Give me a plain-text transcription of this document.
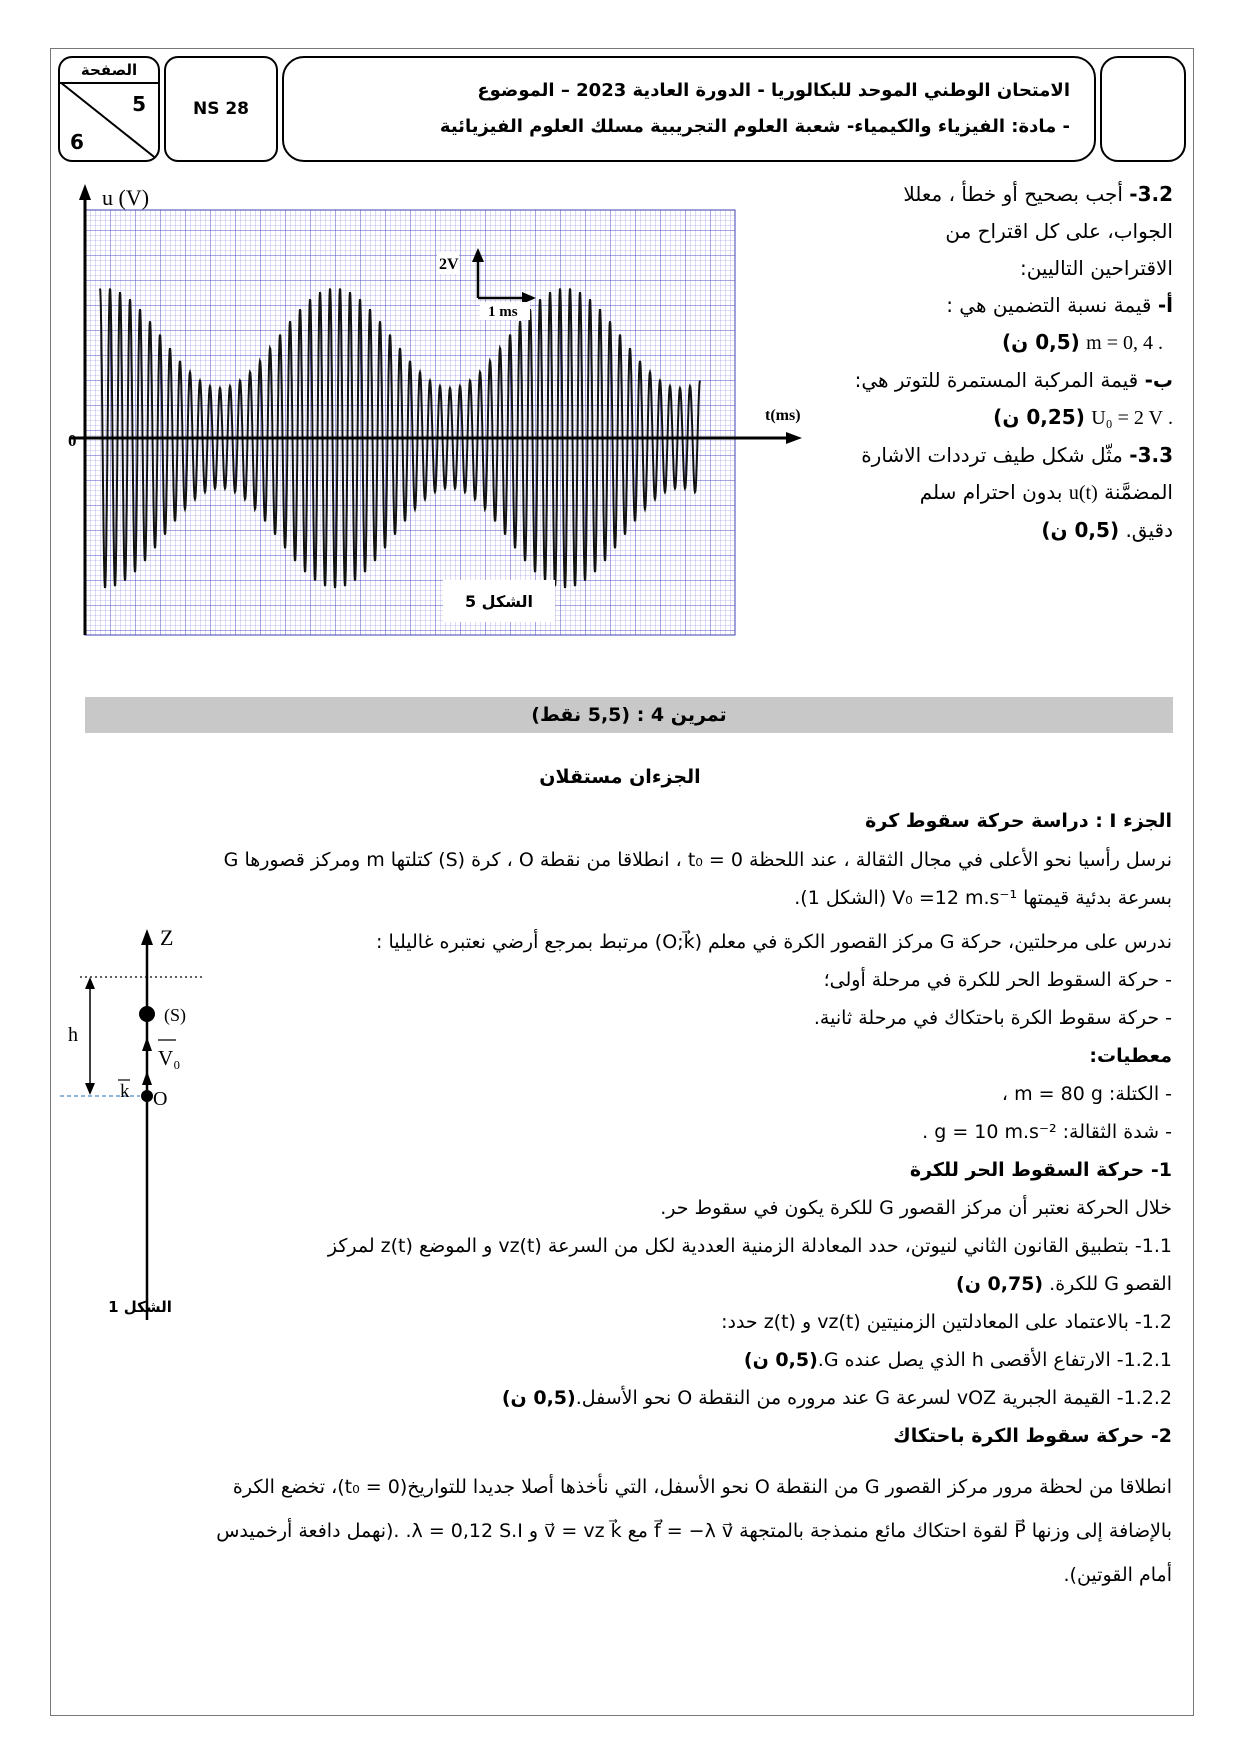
الصفحة
5
6
NS 28
الامتحان الوطني الموحد للبكالوريا - الدورة العادية 2023 – الموضوع
- مادة: الفيزياء والكيمياء- شعبة العلوم التجريبية مسلك العلوم الفيزيائية
u (V)
t(ms)
0
2V
1 ms
الشكل 5
3.2- أجب بصحيح أو خطأ ، معللا
الجواب، على كل اقتراح من
الاقتراحين التاليين:
أ- قيمة نسبة التضمين هي :
. m = 0, 4 (0,5 ن)
ب- قيمة المركبة المستمرة للتوتر هي:
. U₀ = 2 V (0,25 ن)
3.3- مثّل شكل طيف ترددات الاشارة
المضمَّنة u(t) بدون احترام سلم
دقيق. (0,5 ن)
تمرين 4 : (5,5 نقط)
الجزءان مستقلان
الجزء I : دراسة حركة سقوط كرة
نرسل رأسيا نحو الأعلى في مجال الثقالة ، عند اللحظة t₀ = 0 ، انطلاقا من نقطة O ، كرة (S) كتلتها m ومركز قصورها G
بسرعة بدئية قيمتها V₀ =12 m.s⁻¹ (الشكل 1).
ندرس على مرحلتين، حركة G مركز القصور الكرة في معلم (O;k⃗) مرتبط بمرجع أرضي نعتبره غاليليا :
- حركة السقوط الحر للكرة في مرحلة أولى؛
- حركة سقوط الكرة باحتكاك في مرحلة ثانية.
معطيات:
- الكتلة: m = 80 g ،
- شدة الثقالة: g = 10 m.s⁻² .
1- حركة السقوط الحر للكرة
خلال الحركة نعتبر أن مركز القصور G للكرة يكون في سقوط حر.
1.1- بتطبيق القانون الثاني لنيوتن، حدد المعادلة الزمنية العددية لكل من السرعة vz(t) و الموضع z(t) لمركز
القصو G للكرة. (0,75 ن)
1.2- بالاعتماد على المعادلتين الزمنيتين vz(t) و z(t) حدد:
1.2.1- الارتفاع الأقصى h الذي يصل عنده G.(0,5 ن)
1.2.2- القيمة الجبرية vOZ لسرعة G عند مروره من النقطة O نحو الأسفل.(0,5 ن)
2- حركة سقوط الكرة باحتكاك
انطلاقا من لحظة مرور مركز القصور G من النقطة O نحو الأسفل، التي نأخذها أصلا جديدا للتواريخ(t₀ = 0)، تخضع الكرة
بالإضافة إلى وزنها P⃗ لقوة احتكاك مائع منمذجة بالمتجهة f⃗ = −λ v⃗ مع v⃗ = vz k⃗ و λ = 0,12 S.I. .(نهمل دافعة أرخميدس
أمام القوتين).
Z
h
(S)
V₀
k O
الشكل 1
